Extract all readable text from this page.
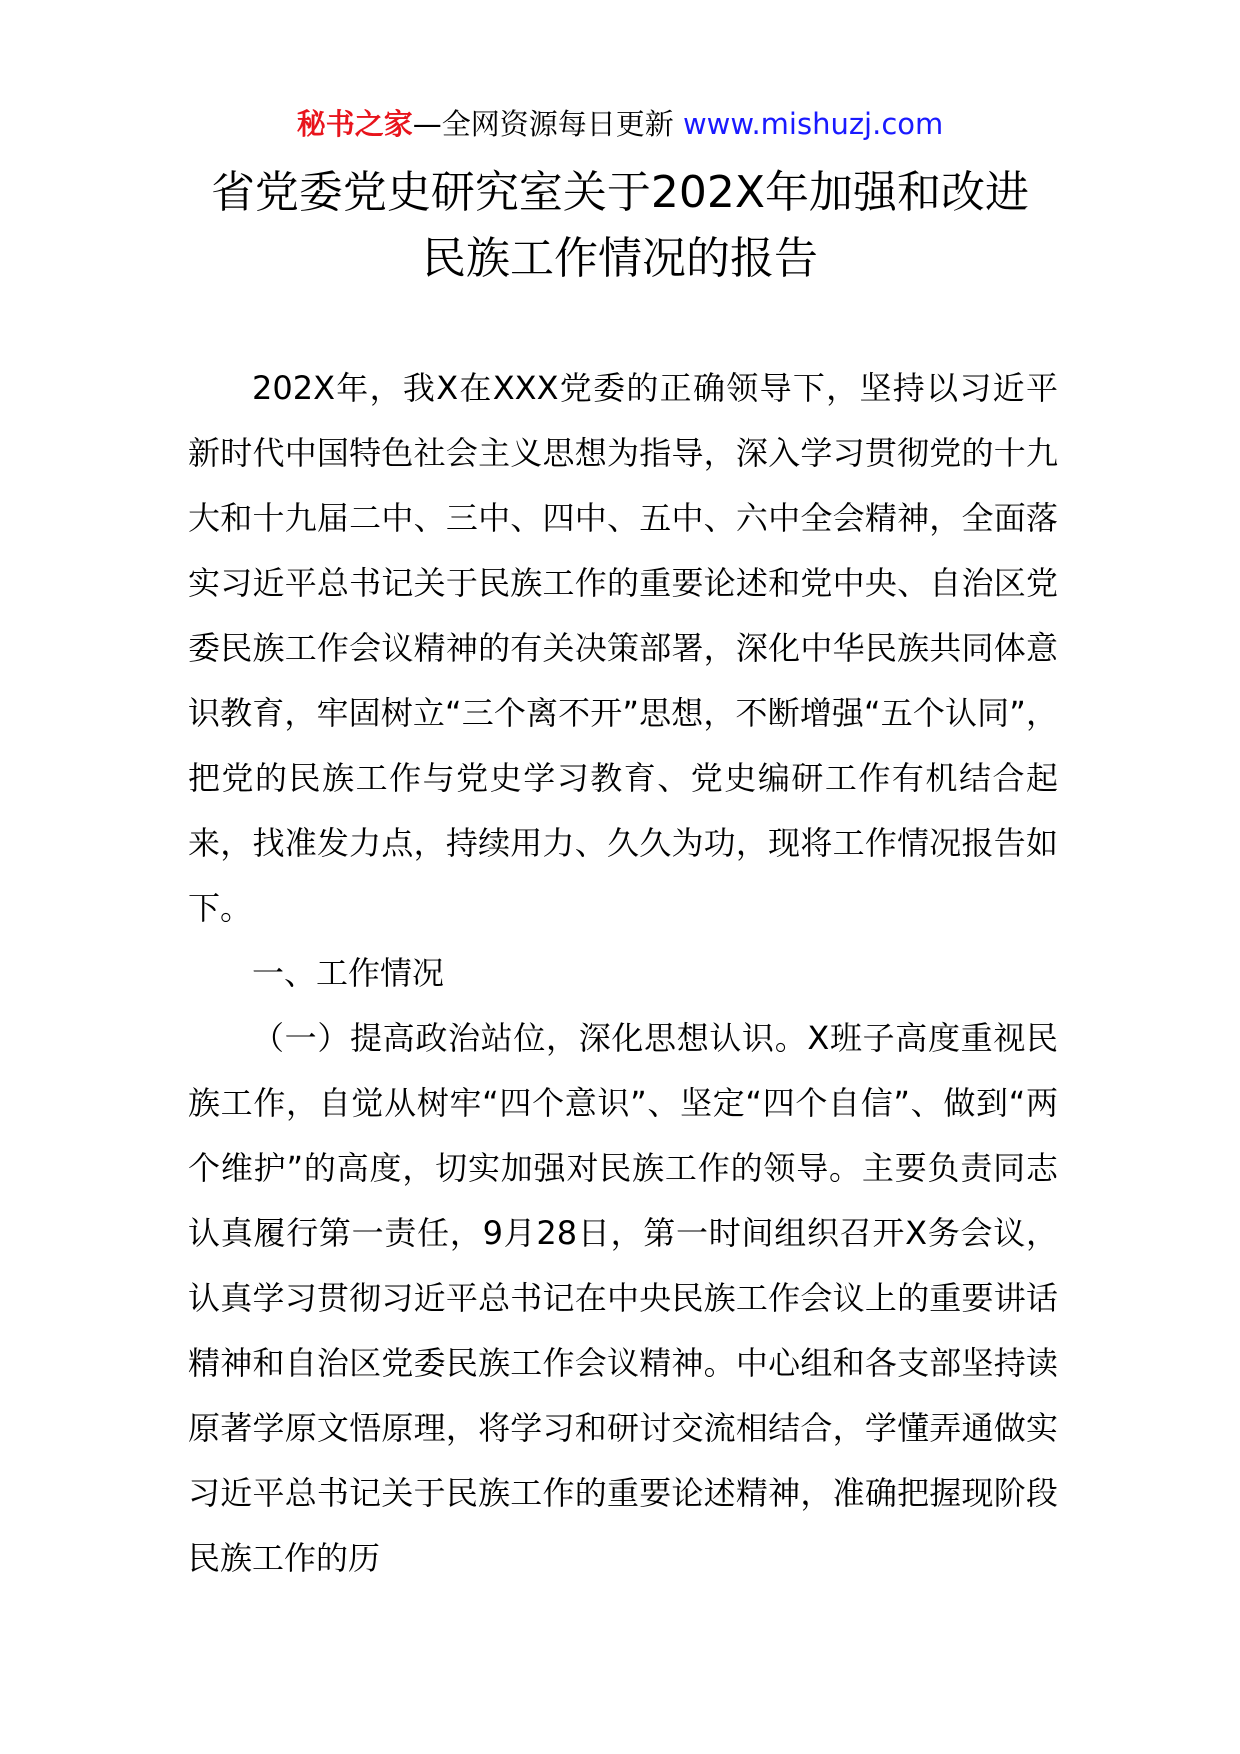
秘书之家—全网资源每日更新 www.mishuzj.com
省党委党史研究室关于202X年加强和改进
民族工作情况的报告

202X年，我X在XXX党委的正确领导下，坚持以习近平新时代中国特色社会主义思想为指导，深入学习贯彻党的十九大和十九届二中、三中、四中、五中、六中全会精神，全面落实习近平总书记关于民族工作的重要论述和党中央、自治区党委民族工作会议精神的有关决策部署，深化中华民族共同体意识教育，牢固树立“三个离不开”思想，不断增强“五个认同”，把党的民族工作与党史学习教育、党史编研工作有机结合起来，找准发力点，持续用力、久久为功，现将工作情况报告如下。

一、工作情况

（一）提高政治站位，深化思想认识。X班子高度重视民族工作，自觉从树牢“四个意识”、坚定“四个自信”、做到“两个维护”的高度，切实加强对民族工作的领导。主要负责同志认真履行第一责任，9月28日，第一时间组织召开X务会议，认真学习贯彻习近平总书记在中央民族工作会议上的重要讲话精神和自治区党委民族工作会议精神。中心组和各支部坚持读原著学原文悟原理，将学习和研讨交流相结合，学懂弄通做实习近平总书记关于民族工作的重要论述精神，准确把握现阶段民族工作的历
